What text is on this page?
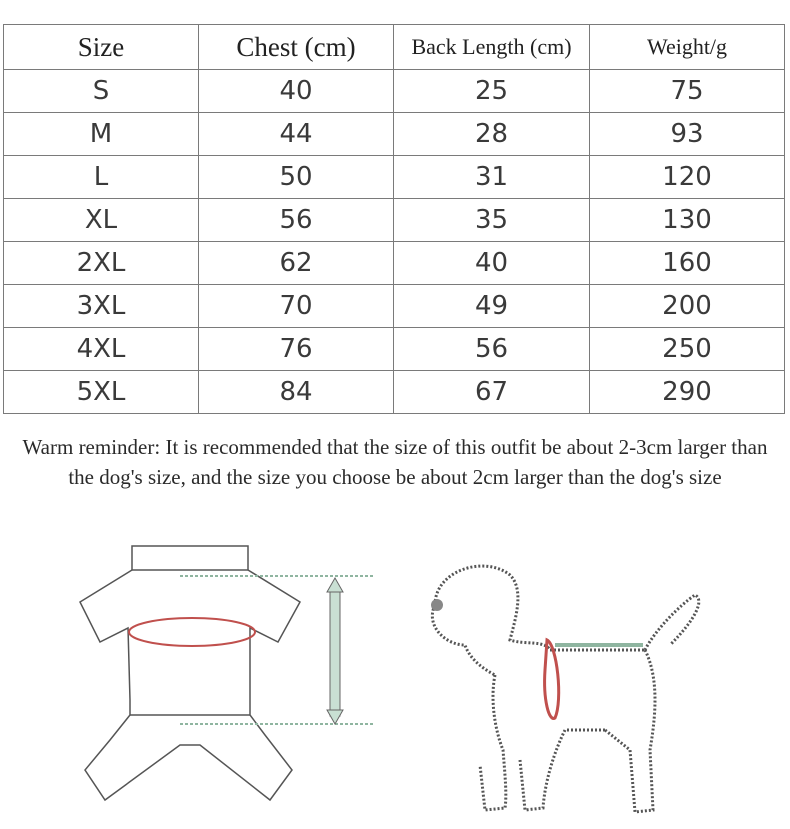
Size	Chest (cm)	Back Length (cm)	Weight/g
S	40	25	75
M	44	28	93
L	50	31	120
XL	56	35	130
2XL	62	40	160
3XL	70	49	200
4XL	76	56	250
5XL	84	67	290
Warm reminder: It is recommended that the size of this outfit be about 2-3cm larger than the dog's size, and the size you choose be about 2cm larger than the dog's size
